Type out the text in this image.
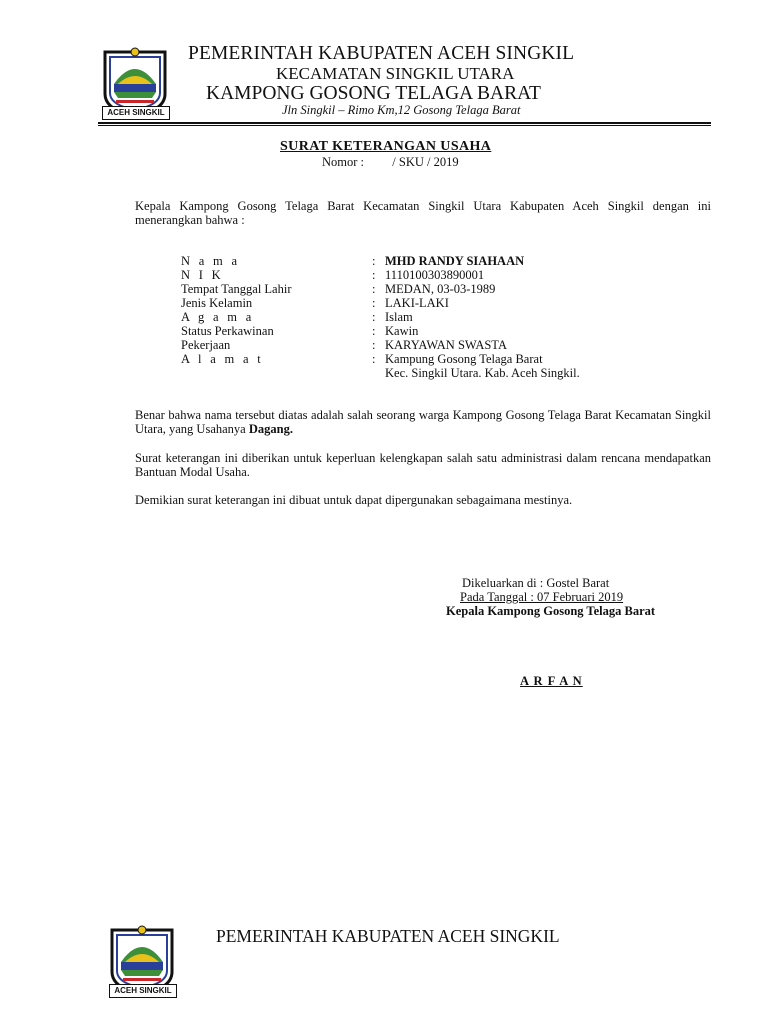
ACEH SINGKIL
PEMERINTAH KABUPATEN ACEH SINGKIL
KECAMATAN SINGKIL UTARA
KAMPONG GOSONG TELAGA BARAT
Jln Singkil – Rimo Km,12 Gosong Telaga Barat
SURAT KETERANGAN USAHA
Nomor : / SKU / 2019
Kepala Kampong Gosong Telaga Barat Kecamatan Singkil Utara Kabupaten Aceh Singkil dengan ini menerangkan bahwa :
N a m a	: MHD RANDY SIAHAAN
N I K	: 1110100303890001
Tempat Tanggal Lahir	: MEDAN, 03-03-1989
Jenis Kelamin	: LAKI-LAKI
A g a m a	: Islam
Status Perkawinan	: Kawin
Pekerjaan	: KARYAWAN SWASTA
A l a m a t	: Kampung Gosong Telaga Barat
Kec. Singkil Utara. Kab. Aceh Singkil.
Benar bahwa nama tersebut diatas adalah salah seorang warga Kampong Gosong Telaga Barat Kecamatan Singkil Utara, yang Usahanya Dagang.
Surat keterangan ini diberikan untuk keperluan kelengkapan salah satu administrasi dalam rencana mendapatkan Bantuan Modal Usaha.
Demikian surat keterangan ini dibuat untuk dapat dipergunakan sebagaimana mestinya.
Dikeluarkan di : Gostel Barat
Pada Tanggal : 07 Februari 2019
Kepala Kampong Gosong Telaga Barat
A R F A N
ACEH SINGKIL
PEMERINTAH KABUPATEN ACEH SINGKIL
